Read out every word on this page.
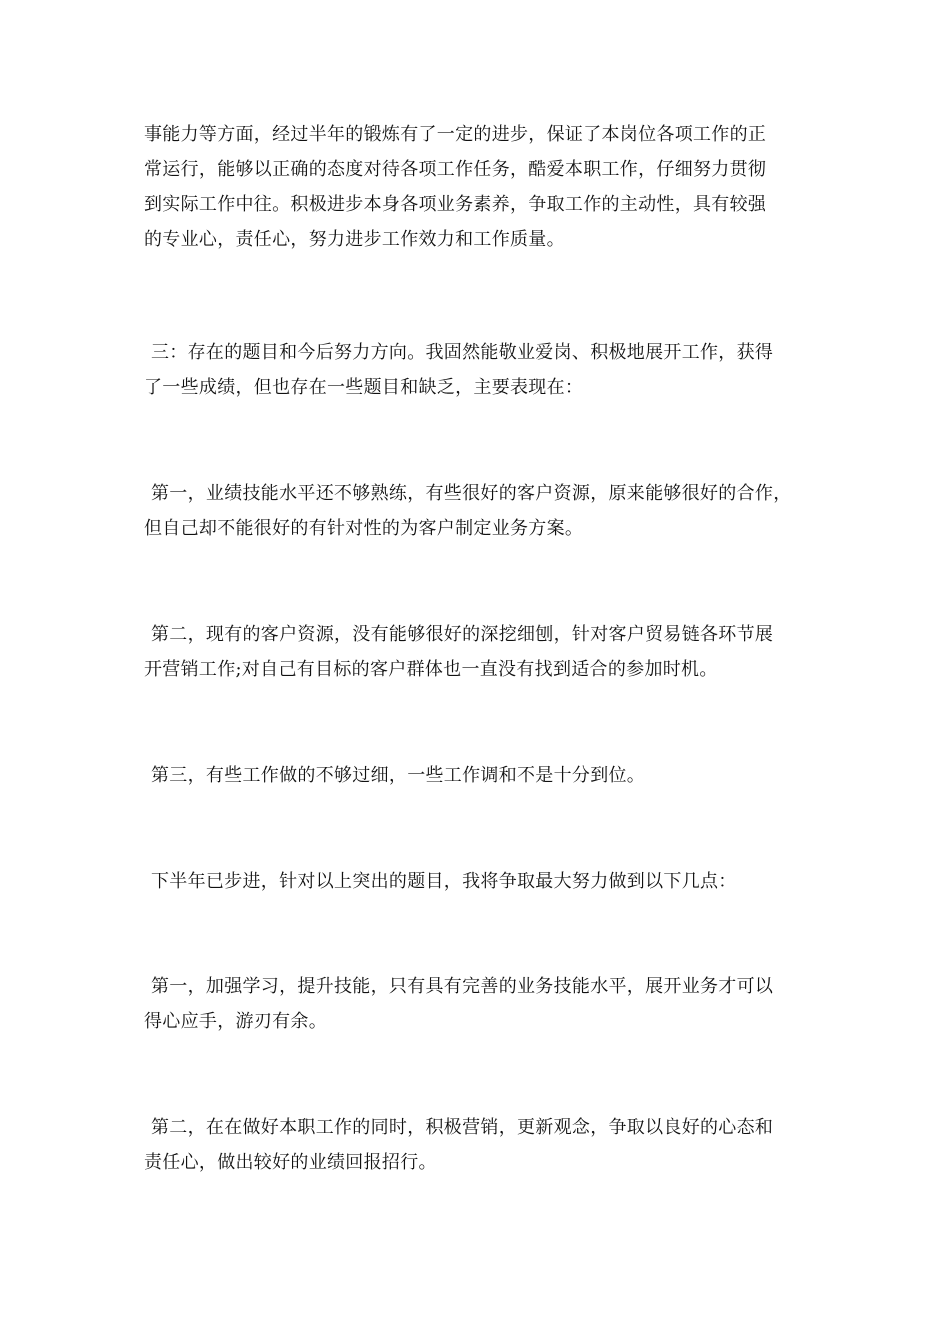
事能力等方面，经过半年的锻炼有了一定的进步，保证了本岗位各项工作的正
常运行，能够以正确的态度对待各项工作任务，酷爱本职工作，仔细努力贯彻
到实际工作中往。积极进步本身各项业务素养，争取工作的主动性，具有较强
的专业心，责任心，努力进步工作效力和工作质量。
三：存在的题目和今后努力方向。我固然能敬业爱岗、积极地展开工作，获得
了一些成绩，但也存在一些题目和缺乏，主要表现在：
第一，业绩技能水平还不够熟练，有些很好的客户资源，原来能够很好的合作，
但自己却不能很好的有针对性的为客户制定业务方案。
第二，现有的客户资源，没有能够很好的深挖细刨，针对客户贸易链各环节展
开营销工作;对自己有目标的客户群体也一直没有找到适合的参加时机。
第三，有些工作做的不够过细，一些工作调和不是十分到位。
下半年已步进，针对以上突出的题目，我将争取最大努力做到以下几点：
第一，加强学习，提升技能，只有具有完善的业务技能水平，展开业务才可以
得心应手，游刃有余。
第二，在在做好本职工作的同时，积极营销，更新观念，争取以良好的心态和
责任心，做出较好的业绩回报招行。
